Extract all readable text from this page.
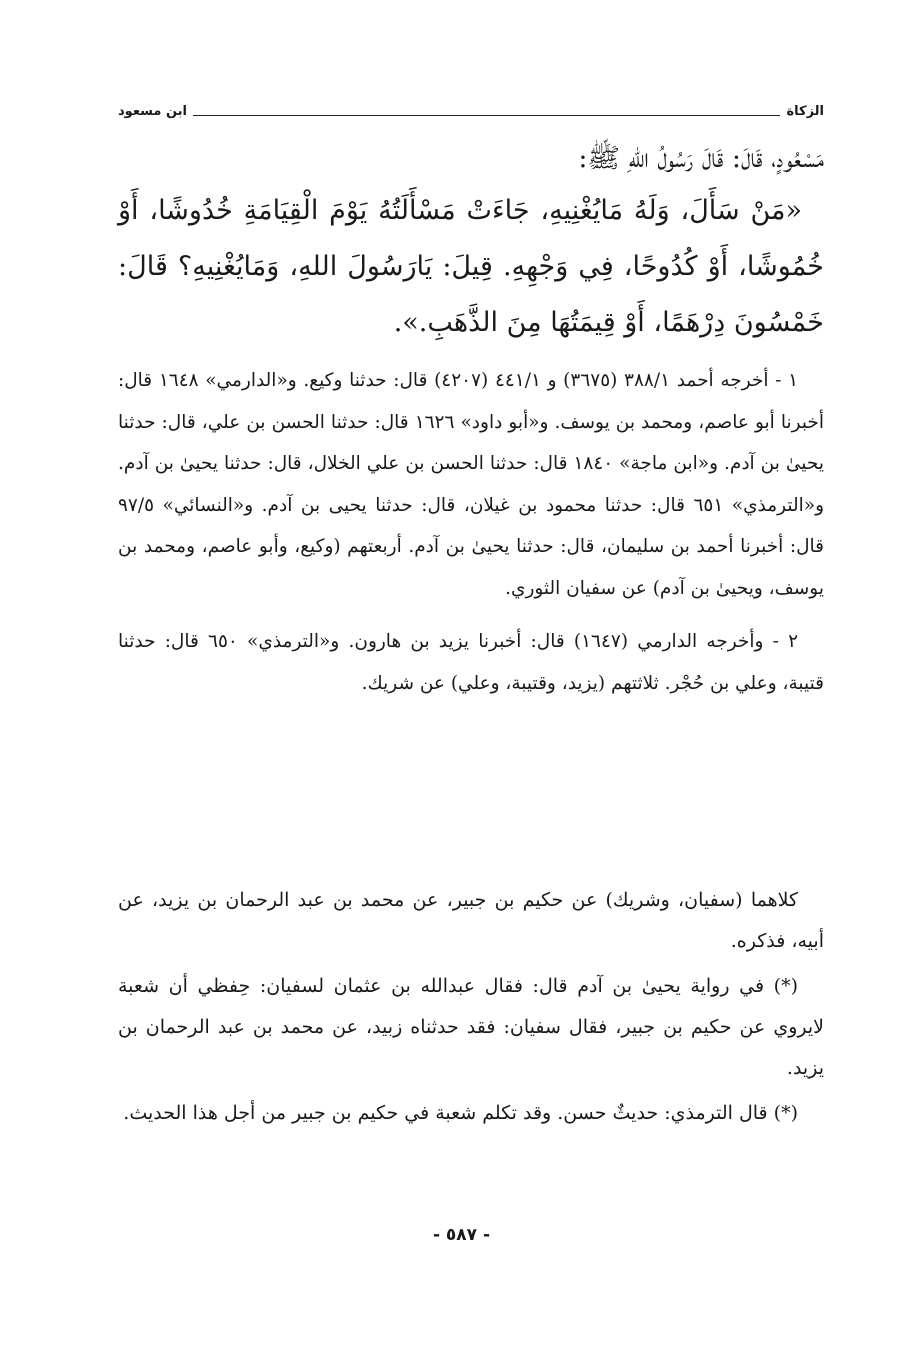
الزكاة
ابن مسعود
مَسْعُودٍ، قَالَ: قَالَ رَسُولُ اللهِ ﷺ:
«مَنْ سَأَلَ، وَلَهُ مَايُغْنِيهِ، جَاءَتْ مَسْأَلَتُهُ يَوْمَ الْقِيَامَةِ خُدُوشًا، أَوْ خُمُوشًا، أَوْ كُدُوحًا، فِي وَجْهِهِ. قِيلَ: يَارَسُولَ اللهِ، وَمَايُغْنِيهِ؟ قَالَ: خَمْسُونَ دِرْهَمًا، أَوْ قِيمَتُهَا مِنَ الذَّهَبِ.».

١ - أخرجه أحمد ٣٨٨/١ (٣٦٧٥) و ٤٤١/١ (٤٢٠٧) قال: حدثنا وكيع. و«الدارمي» ١٦٤٨ قال: أخبرنا أبو عاصم، ومحمد بن يوسف. و«أبو داود» ١٦٢٦ قال: حدثنا الحسن بن علي، قال: حدثنا يحيىٰ بن آدم. و«ابن ماجة» ١٨٤٠ قال: حدثنا الحسن بن علي الخلال، قال: حدثنا يحيىٰ بن آدم. و«الترمذي» ٦٥١ قال: حدثنا محمود بن غيلان، قال: حدثنا يحيى بن آدم. و«النسائي» ٩٧/٥ قال: أخبرنا أحمد بن سليمان، قال: حدثنا يحيىٰ بن آدم. أربعتهم (وكيع، وأبو عاصم، ومحمد بن يوسف، ويحيىٰ بن آدم) عن سفيان الثوري.

٢ - وأخرجه الدارمي (١٦٤٧) قال: أخبرنا يزيد بن هارون. و«الترمذي» ٦٥٠ قال: حدثنا قتيبة، وعلي بن حُجْر. ثلاثتهم (يزيد، وقتيبة، وعلي) عن شريك.

كلاهما (سفيان، وشريك) عن حكيم بن جبير، عن محمد بن عبد الرحمان بن يزيد، عن أبيه، فذكره.

(*) في رواية يحيىٰ بن آدم قال: فقال عبدالله بن عثمان لسفيان: حِفظي أن شعبة لايروي عن حكيم بن جبير، فقال سفيان: فقد حدثناه زبيد، عن محمد بن عبد الرحمان بن يزيد.

(*) قال الترمذي: حديثٌ حسن. وقد تكلم شعبة في حكيم بن جبير من أجل هذا الحديث.

- ٥٨٧ -
